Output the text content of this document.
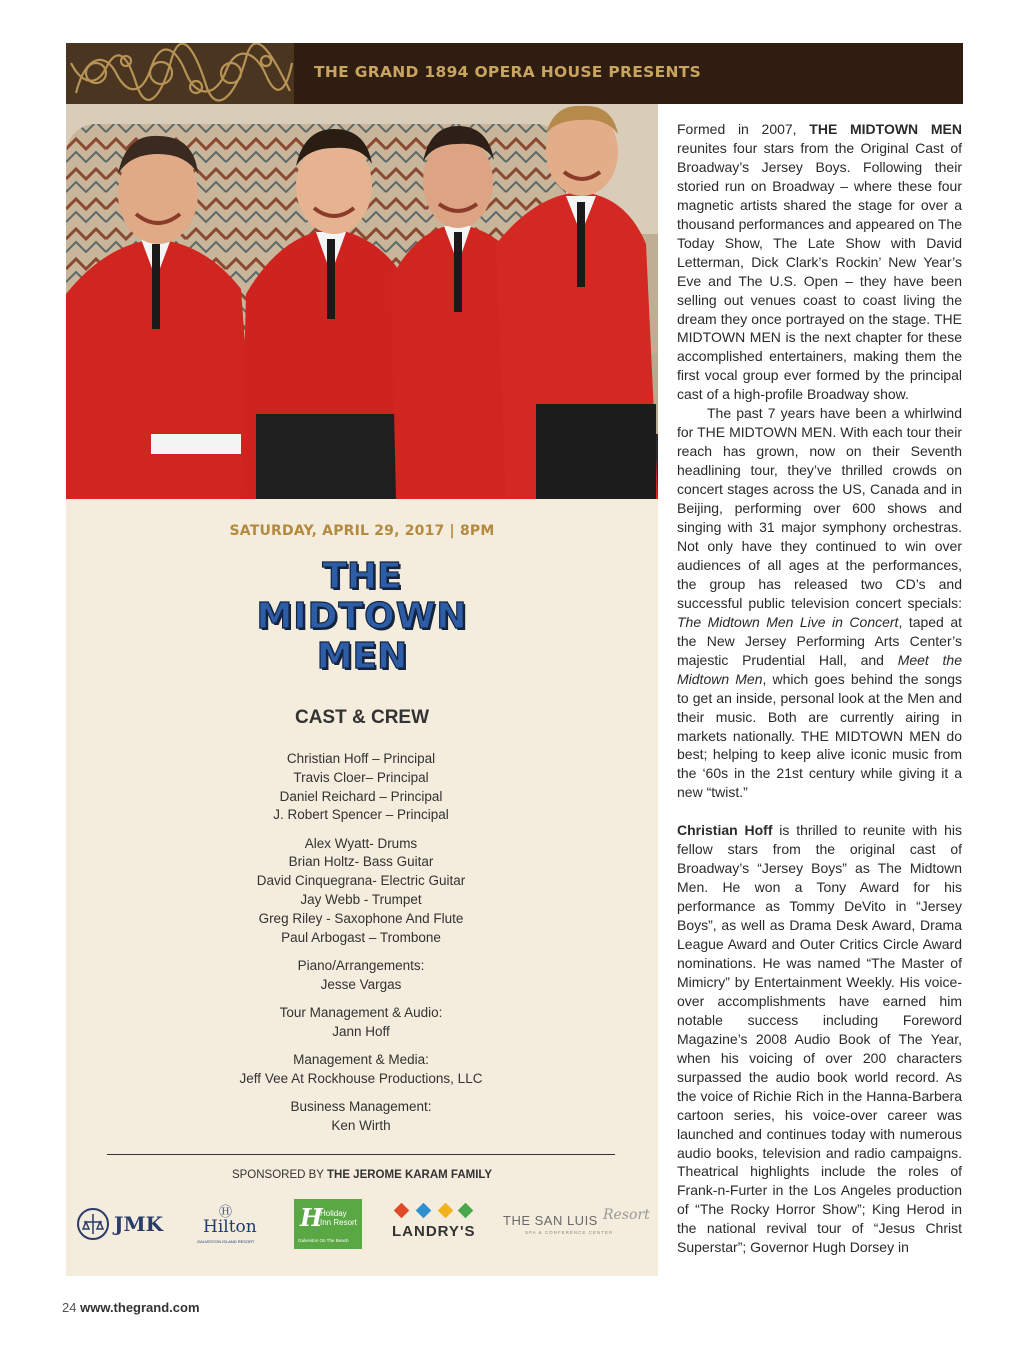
THE GRAND 1894 OPERA HOUSE PRESENTS
SATURDAY, APRIL 29, 2017 | 8PM
THE
MIDTOWN
MEN
CAST & CREW
Christian Hoff – Principal
Travis Cloer– Principal
Daniel Reichard – Principal
J. Robert Spencer – Principal
Alex Wyatt- Drums
Brian Holtz- Bass Guitar
David Cinquegrana- Electric Guitar
Jay Webb - Trumpet
Greg Riley - Saxophone And Flute
Paul Arbogast – Trombone
Piano/Arrangements:
Jesse Vargas
Tour Management & Audio:
Jann Hoff
Management & Media:
Jeff Vee At Rockhouse Productions, LLC
Business Management:
Ken Wirth
SPONSORED BY THE JEROME KARAM FAMILY
JMK	Ⓗ
Hilton
GALVESTON ISLAND RESORT
H
Holiday Inn Resort
Galveston On The Beach
LANDRY'S
THE SAN LUIS Resort
SPA & CONFERENCE CENTER

Formed in 2007, THE MIDTOWN MEN reunites four stars from the Original Cast of Broadway’s Jersey Boys. Following their storied run on Broadway – where these four magnetic artists shared the stage for over a thousand performances and appeared on The Today Show, The Late Show with David Letterman, Dick Clark’s Rockin’ New Year’s Eve and The U.S. Open – they have been selling out venues coast to coast living the dream they once portrayed on the stage. THE MIDTOWN MEN is the next chapter for these accomplished entertainers, making them the first vocal group ever formed by the principal cast of a high-profile Broadway show.

The past 7 years have been a whirlwind for THE MIDTOWN MEN. With each tour their reach has grown, now on their Seventh headlining tour, they’ve thrilled crowds on concert stages across the US, Canada and in Beijing, performing over 600 shows and singing with 31 major symphony orchestras. Not only have they continued to win over audiences of all ages at the performances, the group has released two CD’s and successful public television concert specials: The Midtown Men Live in Concert, taped at the New Jersey Performing Arts Center’s majestic Prudential Hall, and Meet the Midtown Men, which goes behind the songs to get an inside, personal look at the Men and their music. Both are currently airing in markets nationally. THE MIDTOWN MEN do best; helping to keep alive iconic music from the ‘60s in the 21st century while giving it a new “twist.”

Christian Hoff is thrilled to reunite with his fellow stars from the original cast of Broadway’s “Jersey Boys” as The Midtown Men. He won a Tony Award for his performance as Tommy DeVito in “Jersey Boys”, as well as Drama Desk Award, Drama League Award and Outer Critics Circle Award nominations. He was named “The Master of Mimicry” by Entertainment Weekly. His voice-over accomplishments have earned him notable success including Foreword Magazine’s 2008 Audio Book of The Year, when his voicing of over 200 characters surpassed the audio book world record. As the voice of Richie Rich in the Hanna-Barbera cartoon series, his voice-over career was launched and continues today with numerous audio books, television and radio campaigns. Theatrical highlights include the roles of Frank-n-Furter in the Los Angeles production of “The Rocky Horror Show”; King Herod in the national revival tour of “Jesus Christ Superstar”; Governor Hugh Dorsey in

24 www.thegrand.com
